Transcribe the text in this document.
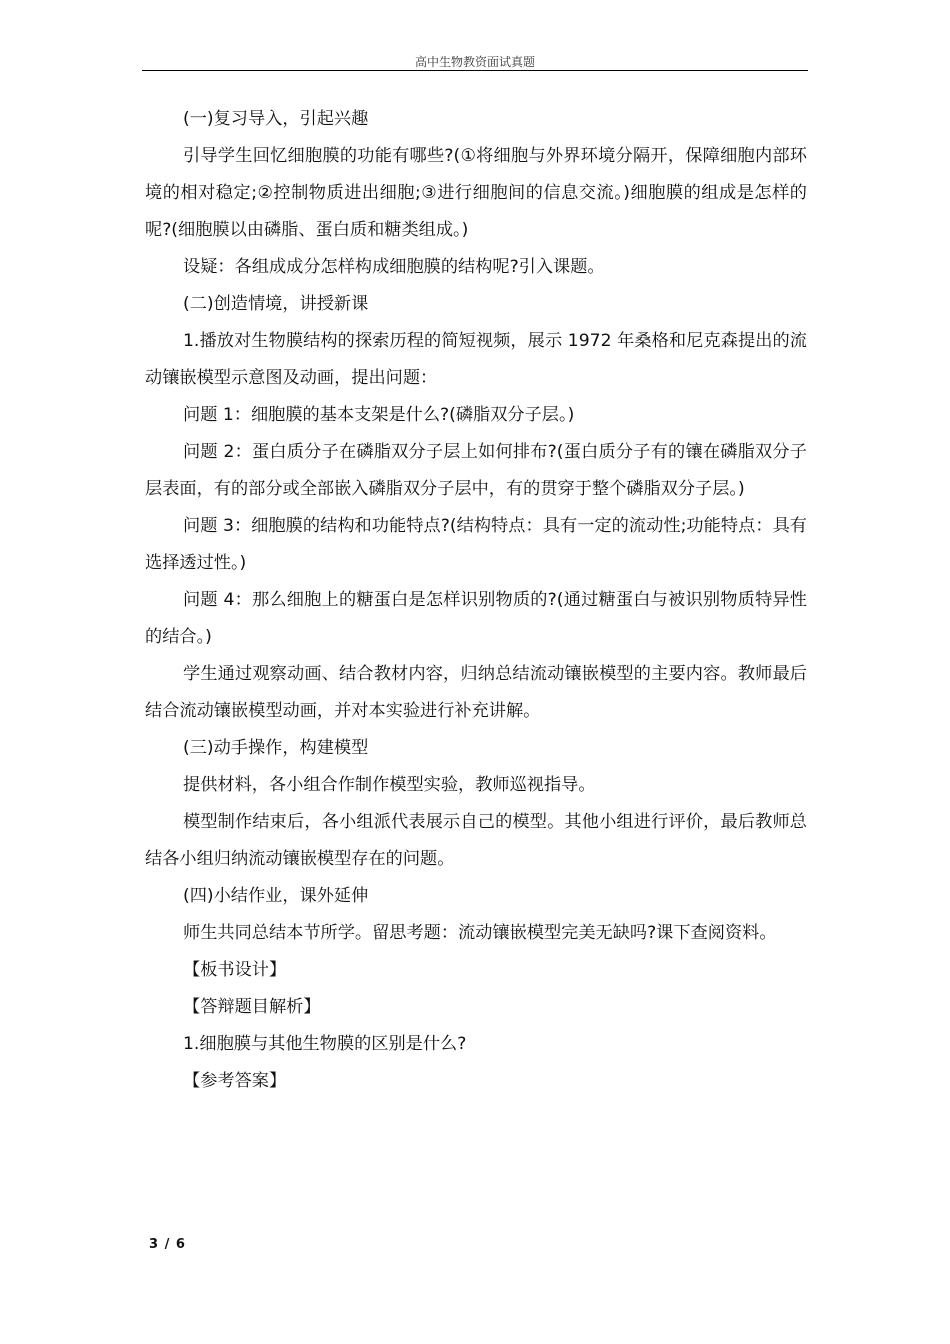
高中生物教资面试真题

(一)复习导入，引起兴趣

引导学生回忆细胞膜的功能有哪些?(①将细胞与外界环境分隔开，保障细胞内部环境的相对稳定;②控制物质进出细胞;③进行细胞间的信息交流。)细胞膜的组成是怎样的呢?(细胞膜以由磷脂、蛋白质和糖类组成。)

设疑：各组成成分怎样构成细胞膜的结构呢?引入课题。

(二)创造情境，讲授新课

1.播放对生物膜结构的探索历程的简短视频，展示 1972 年桑格和尼克森提出的流动镶嵌模型示意图及动画，提出问题：

问题 1：细胞膜的基本支架是什么?(磷脂双分子层。)

问题 2：蛋白质分子在磷脂双分子层上如何排布?(蛋白质分子有的镶在磷脂双分子层表面，有的部分或全部嵌入磷脂双分子层中，有的贯穿于整个磷脂双分子层。)

问题 3：细胞膜的结构和功能特点?(结构特点：具有一定的流动性;功能特点：具有选择透过性。)

问题 4：那么细胞上的糖蛋白是怎样识别物质的?(通过糖蛋白与被识别物质特异性的结合。)

学生通过观察动画、结合教材内容，归纳总结流动镶嵌模型的主要内容。教师最后结合流动镶嵌模型动画，并对本实验进行补充讲解。

(三)动手操作，构建模型

提供材料，各小组合作制作模型实验，教师巡视指导。

模型制作结束后，各小组派代表展示自己的模型。其他小组进行评价，最后教师总结各小组归纳流动镶嵌模型存在的问题。

(四)小结作业，课外延伸

师生共同总结本节所学。留思考题：流动镶嵌模型完美无缺吗?课下查阅资料。

【板书设计】

【答辩题目解析】

1.细胞膜与其他生物膜的区别是什么?

【参考答案】

3 / 6
